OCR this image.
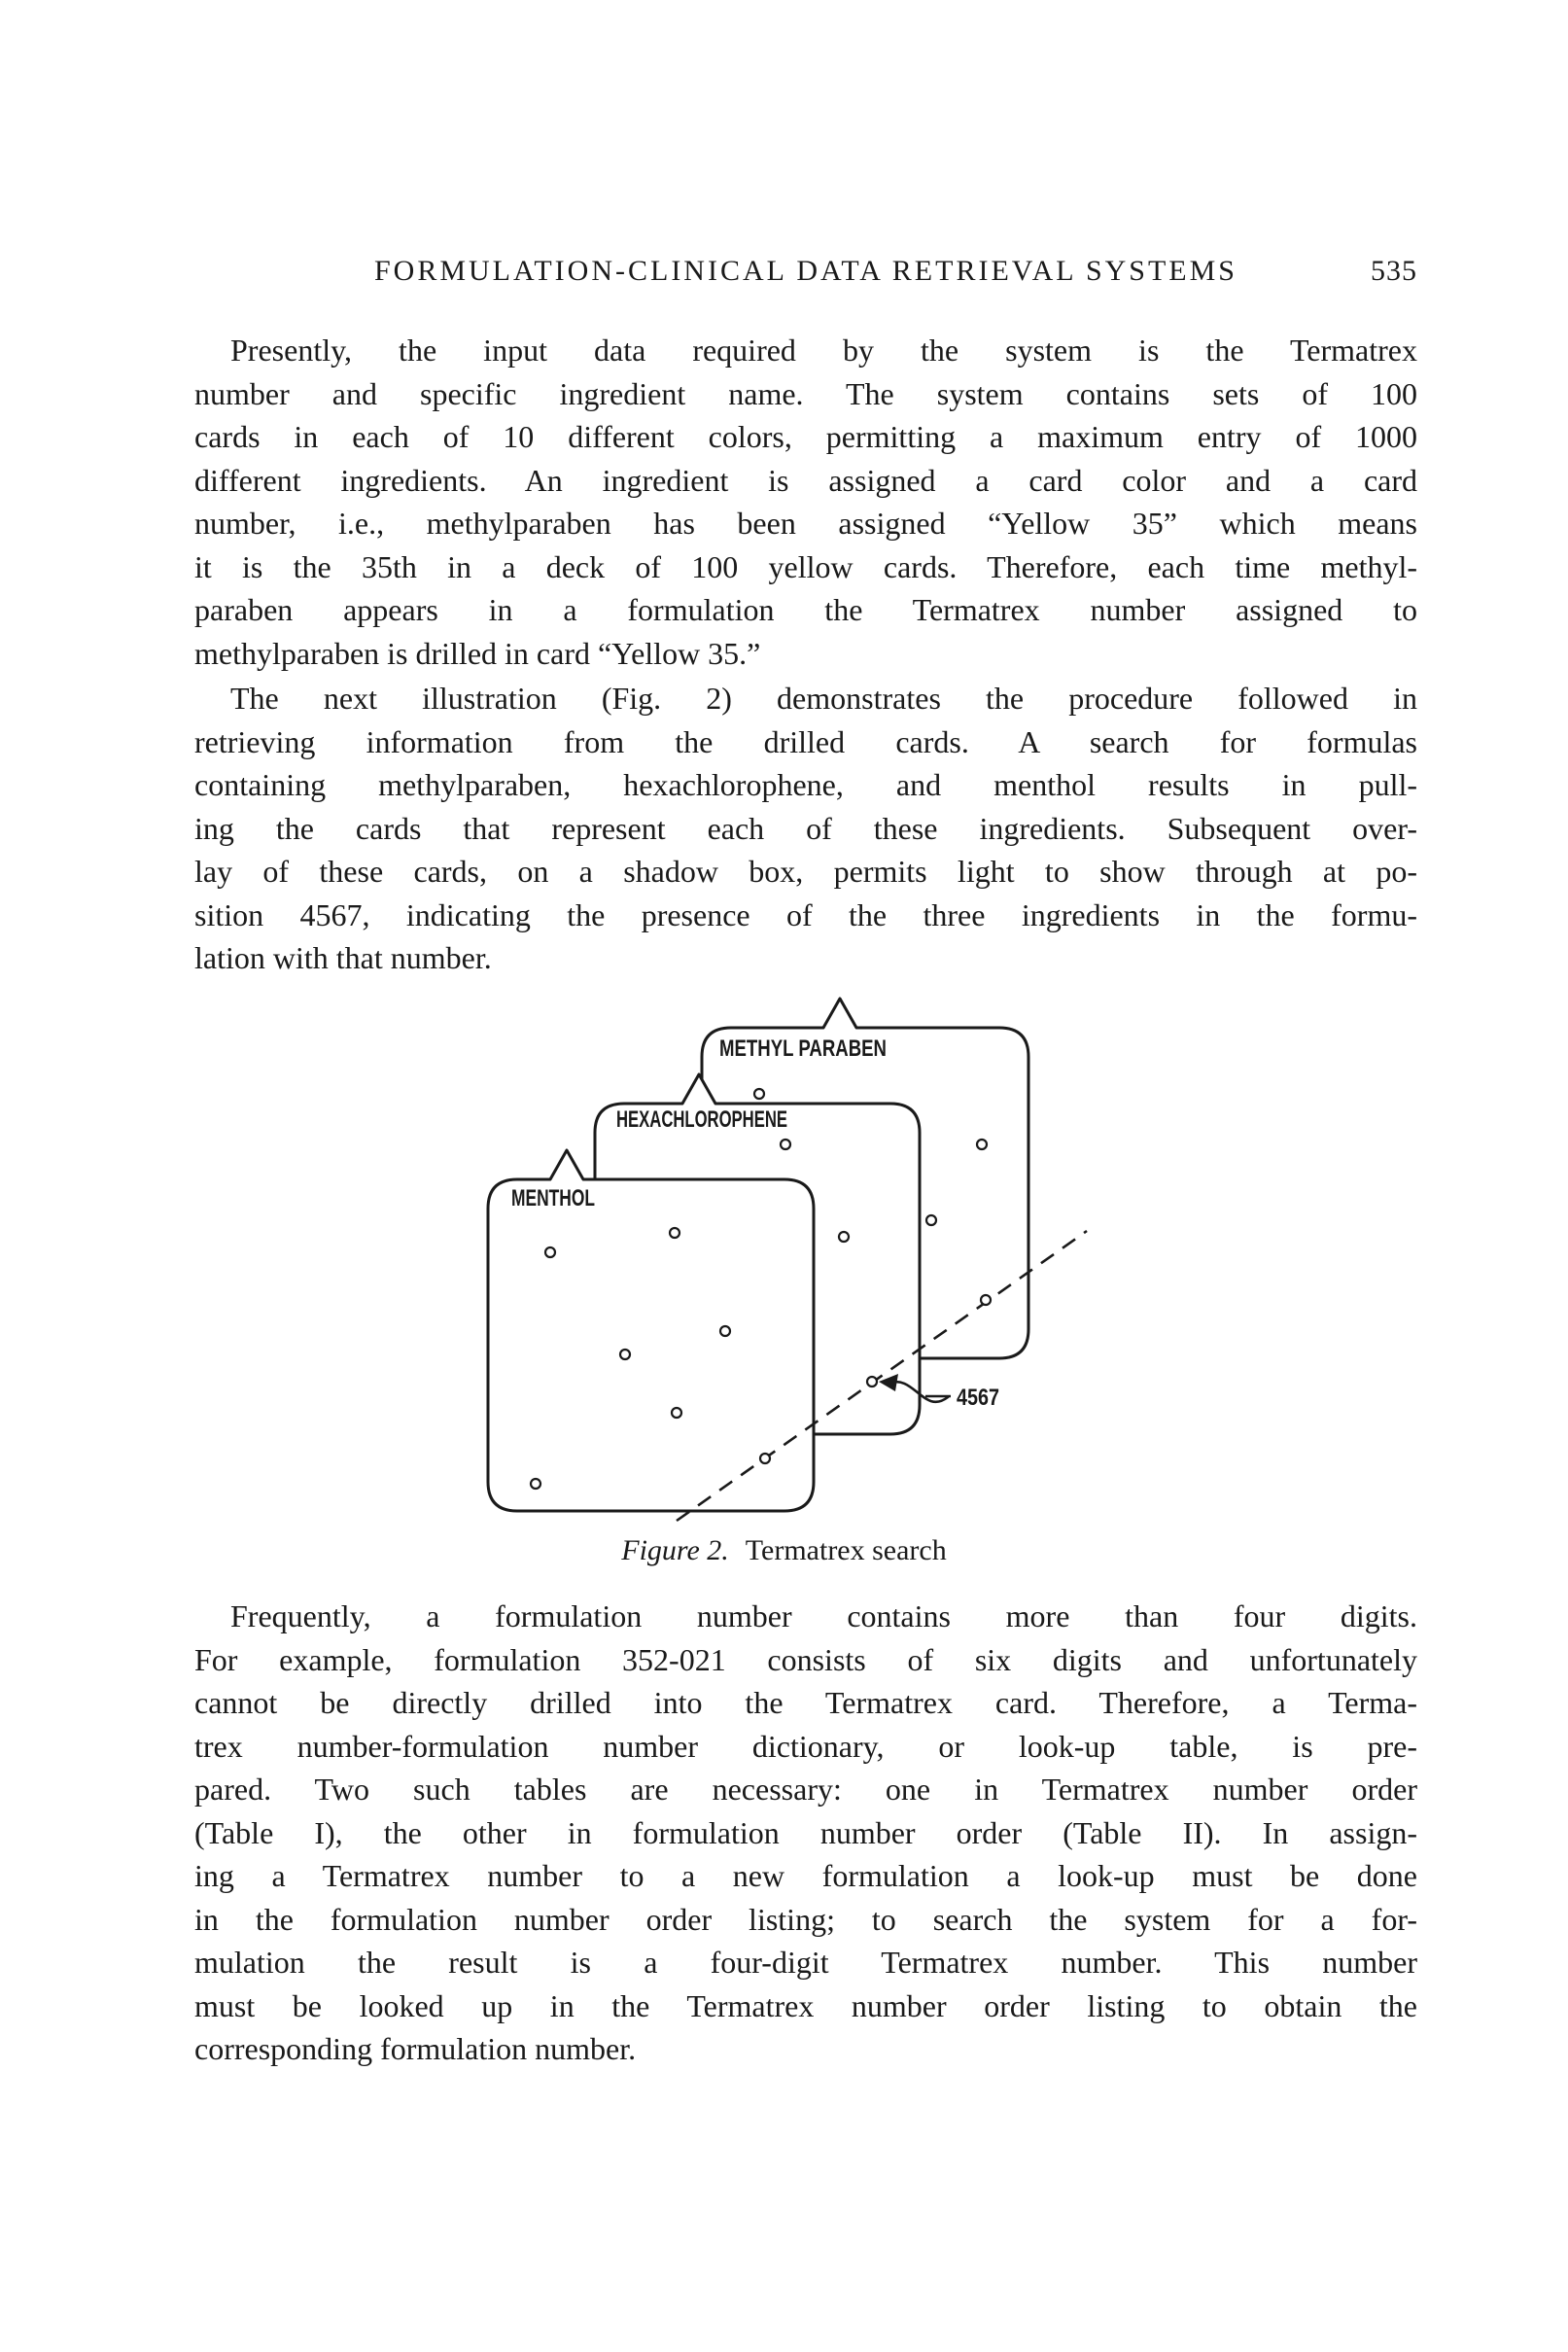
FORMULATION-CLINICAL DATA RETRIEVAL SYSTEMS	535
Presently, the input data required by the system is the Termatrex
number and specific ingredient name. The system contains sets of 100
cards in each of 10 different colors, permitting a maximum entry of 1000
different ingredients. An ingredient is assigned a card color and a card
number, i.e., methylparaben has been assigned “Yellow 35” which means
it is the 35th in a deck of 100 yellow cards. Therefore, each time methyl-
paraben appears in a formulation the Termatrex number assigned to
methylparaben is drilled in card “Yellow 35.”
The next illustration (Fig. 2) demonstrates the procedure followed in
retrieving information from the drilled cards. A search for formulas
containing methylparaben, hexachlorophene, and menthol results in pull-
ing the cards that represent each of these ingredients. Subsequent over-
lay of these cards, on a shadow box, permits light to show through at po-
sition 4567, indicating the presence of the three ingredients in the formu-
lation with that number.
METHYL PARABEN
HEXACHLOROPHENE
MENTHOL
4567
Figure 2. Termatrex search
Frequently, a formulation number contains more than four digits.
For example, formulation 352-021 consists of six digits and unfortunately
cannot be directly drilled into the Termatrex card. Therefore, a Terma-
trex number-formulation number dictionary, or look-up table, is pre-
pared. Two such tables are necessary: one in Termatrex number order
(Table I), the other in formulation number order (Table II). In assign-
ing a Termatrex number to a new formulation a look-up must be done
in the formulation number order listing; to search the system for a for-
mulation the result is a four-digit Termatrex number. This number
must be looked up in the Termatrex number order listing to obtain the
corresponding formulation number.
